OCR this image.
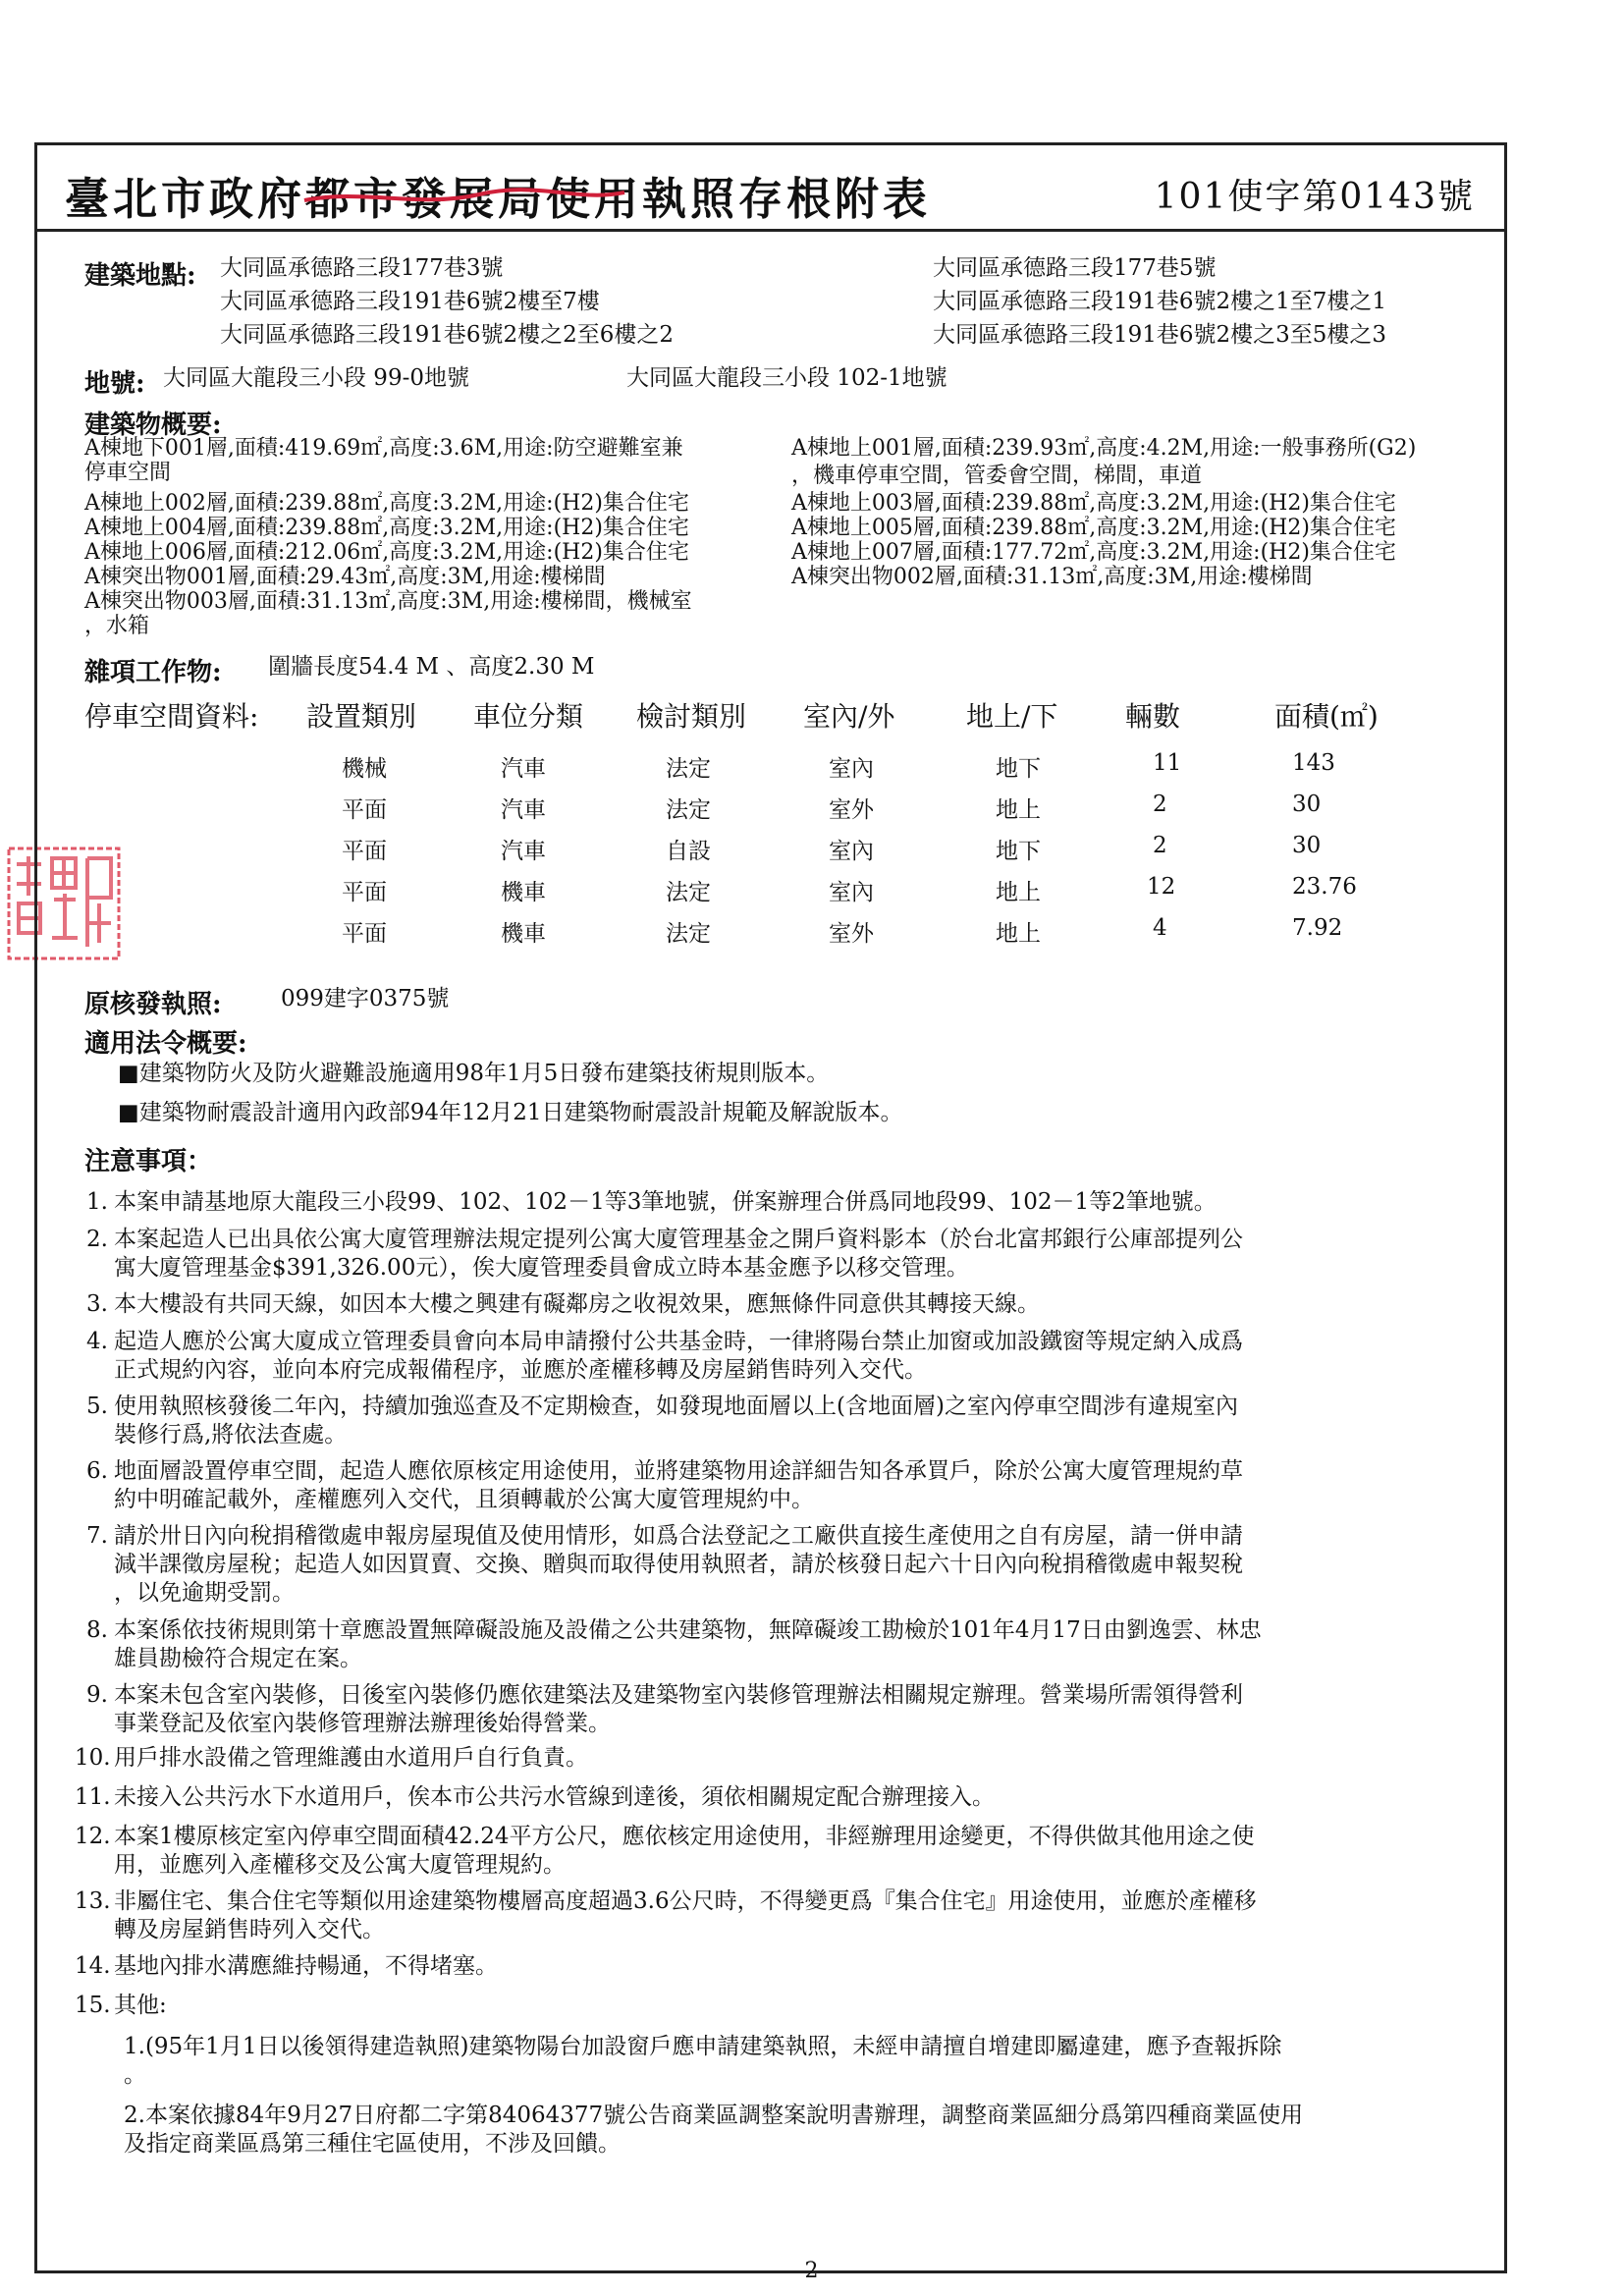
臺北市政府都市發展局使用執照存根附表	101使字第0143號
建築地點: 大同區承德路三段177巷3號
大同區承德路三段191巷6號2樓至7樓
大同區承德路三段191巷6號2樓之2至6樓之2
大同區承德路三段177巷5號
大同區承德路三段191巷6號2樓之1至7樓之1
大同區承德路三段191巷6號2樓之3至5樓之3
地號: 大同區大龍段三小段 99-0地號	大同區大龍段三小段 102-1地號
建築物概要:
A棟地下001層,面積:419.69㎡,高度:3.6M,用途:防空避難室兼
停車空間
A棟地上002層,面積:239.88㎡,高度:3.2M,用途:(H2)集合住宅
A棟地上004層,面積:239.88㎡,高度:3.2M,用途:(H2)集合住宅
A棟地上006層,面積:212.06㎡,高度:3.2M,用途:(H2)集合住宅
A棟突出物001層,面積:29.43㎡,高度:3M,用途:樓梯間
A棟突出物003層,面積:31.13㎡,高度:3M,用途:樓梯間，機械室
，水箱
A棟地上001層,面積:239.93㎡,高度:4.2M,用途:一般事務所(G2)
，機車停車空間，管委會空間，梯間，車道
A棟地上003層,面積:239.88㎡,高度:3.2M,用途:(H2)集合住宅
A棟地上005層,面積:239.88㎡,高度:3.2M,用途:(H2)集合住宅
A棟地上007層,面積:177.72㎡,高度:3.2M,用途:(H2)集合住宅
A棟突出物002層,面積:31.13㎡,高度:3M,用途:樓梯間
雜項工作物: 圍牆長度54.4 M 、高度2.30 M
停車空間資料: 設置類別 車位分類 檢討類別 室內/外	地上/下 輛數	面積(㎡)
機械	汽車	法定	室內	地下	11	143
平面	汽車	法定	室外	地上	2	30
平面	汽車	自設	室內	地下	2	30
平面	機車	法定	室內	地上	12	23.76
平面	機車	法定	室外	地上	4	7.92
原核發執照:	099建字0375號
適用法令概要:
■建築物防火及防火避難設施適用98年1月5日發布建築技術規則版本。
■建築物耐震設計適用內政部94年12月21日建築物耐震設計規範及解說版本。
注意事項：
1. 本案申請基地原大龍段三小段99、102、102－1等3筆地號，併案辦理合併爲同地段99、102－1等2筆地號。
2. 本案起造人已出具依公寓大廈管理辦法規定提列公寓大廈管理基金之開戶資料影本（於台北富邦銀行公庫部提列公
寓大廈管理基金$391,326.00元），俟大廈管理委員會成立時本基金應予以移交管理。
3. 本大樓設有共同天線，如因本大樓之興建有礙鄰房之收視效果，應無條件同意供其轉接天線。
4. 起造人應於公寓大廈成立管理委員會向本局申請撥付公共基金時，一律將陽台禁止加窗或加設鐵窗等規定納入成爲
正式規約內容，並向本府完成報備程序，並應於產權移轉及房屋銷售時列入交代。
5. 使用執照核發後二年內，持續加強巡查及不定期檢查，如發現地面層以上(含地面層)之室內停車空間涉有違規室內
裝修行爲,將依法查處。
6. 地面層設置停車空間，起造人應依原核定用途使用，並將建築物用途詳細告知各承買戶，除於公寓大廈管理規約草
約中明確記載外，產權應列入交代，且須轉載於公寓大廈管理規約中。
7. 請於卅日內向稅捐稽徵處申報房屋現值及使用情形，如爲合法登記之工廠供直接生產使用之自有房屋，請一併申請
減半課徵房屋稅；起造人如因買賣、交換、贈與而取得使用執照者，請於核發日起六十日內向稅捐稽徵處申報契稅
，以免逾期受罰。
8. 本案係依技術規則第十章應設置無障礙設施及設備之公共建築物，無障礙竣工勘檢於101年4月17日由劉逸雲、林忠
雄員勘檢符合規定在案。
9. 本案未包含室內裝修，日後室內裝修仍應依建築法及建築物室內裝修管理辦法相關規定辦理。營業場所需領得營利
事業登記及依室內裝修管理辦法辦理後始得營業。
10. 用戶排水設備之管理維護由水道用戶自行負責。
11. 未接入公共污水下水道用戶，俟本市公共污水管線到達後，須依相關規定配合辦理接入。
12. 本案1樓原核定室內停車空間面積42.24平方公尺，應依核定用途使用，非經辦理用途變更，不得供做其他用途之使
用，並應列入產權移交及公寓大廈管理規約。
13. 非屬住宅、集合住宅等類似用途建築物樓層高度超過3.6公尺時，不得變更爲『集合住宅』用途使用，並應於產權移
轉及房屋銷售時列入交代。
14. 基地內排水溝應維持暢通，不得堵塞。
15. 其他:
1.(95年1月1日以後領得建造執照)建築物陽台加設窗戶應申請建築執照，未經申請擅自增建即屬違建，應予查報拆除
。
2.本案依據84年9月27日府都二字第84064377號公告商業區調整案說明書辦理，調整商業區細分爲第四種商業區使用
及指定商業區爲第三種住宅區使用，不涉及回饋。
2
